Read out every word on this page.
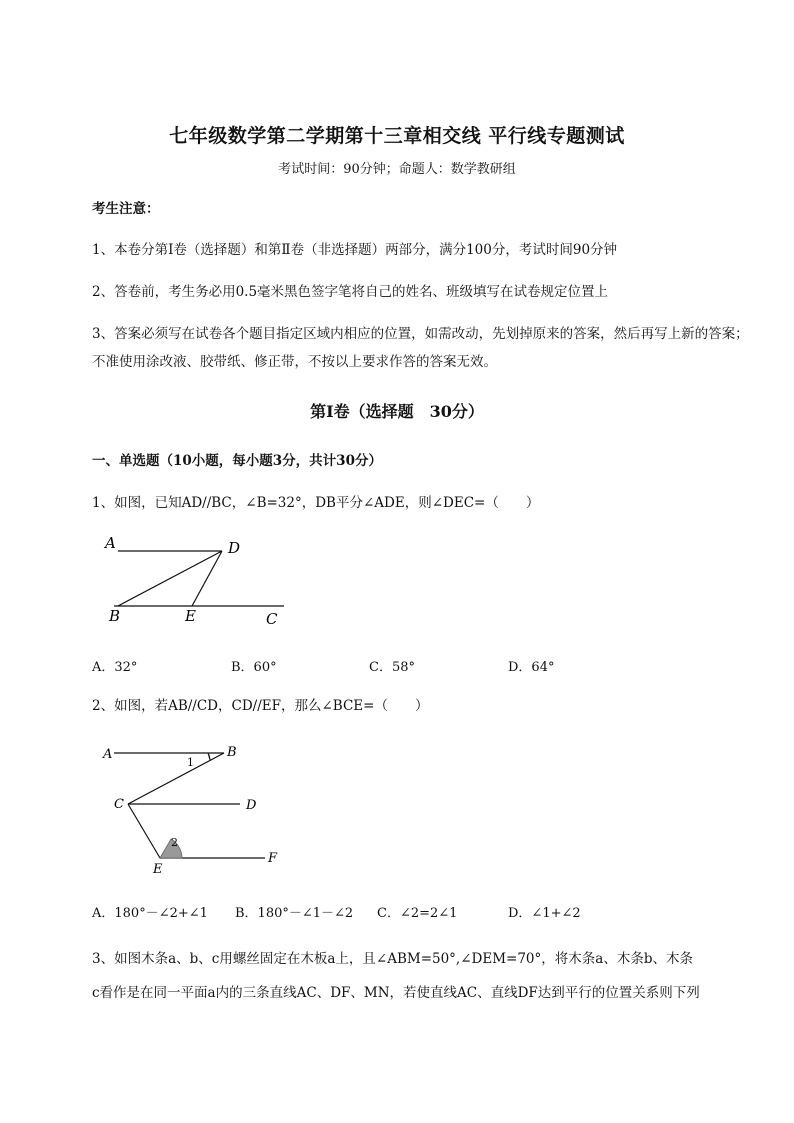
七年级数学第二学期第十三章相交线 平行线专题测试
考试时间：90分钟；命题人：数学教研组
考生注意：
1、本卷分第I卷（选择题）和第Ⅱ卷（非选择题）两部分，满分100分，考试时间90分钟
2、答卷前，考生务必用0.5毫米黑色签字笔将自己的姓名、班级填写在试卷规定位置上
3、答案必须写在试卷各个题目指定区域内相应的位置，如需改动，先划掉原来的答案，然后再写上新的答案；不准使用涂改液、胶带纸、修正带，不按以上要求作答的答案无效。
第I卷（选择题　30分）
一、单选题（10小题，每小题3分，共计30分）
1、如图，已知AD//BC，∠B=32°，DB平分∠ADE，则∠DEC=（　　）
A	D
B	E	C
A．32°	B．60°	C．58°	D．64°
2、如图，若AB//CD，CD//EF，那么∠BCE=（　　）
A	B
1
C	D
2
E
F
A．180°－∠2+∠1 B．180°－∠1－∠2 C．∠2=2∠1	D．∠1+∠2
3、如图木条a、b、c用螺丝固定在木板a上，且∠ABM=50°,∠DEM=70°，将木条a、木条b、木条
c看作是在同一平面a内的三条直线AC、DF、MN，若使直线AC、直线DF达到平行的位置关系则下列
